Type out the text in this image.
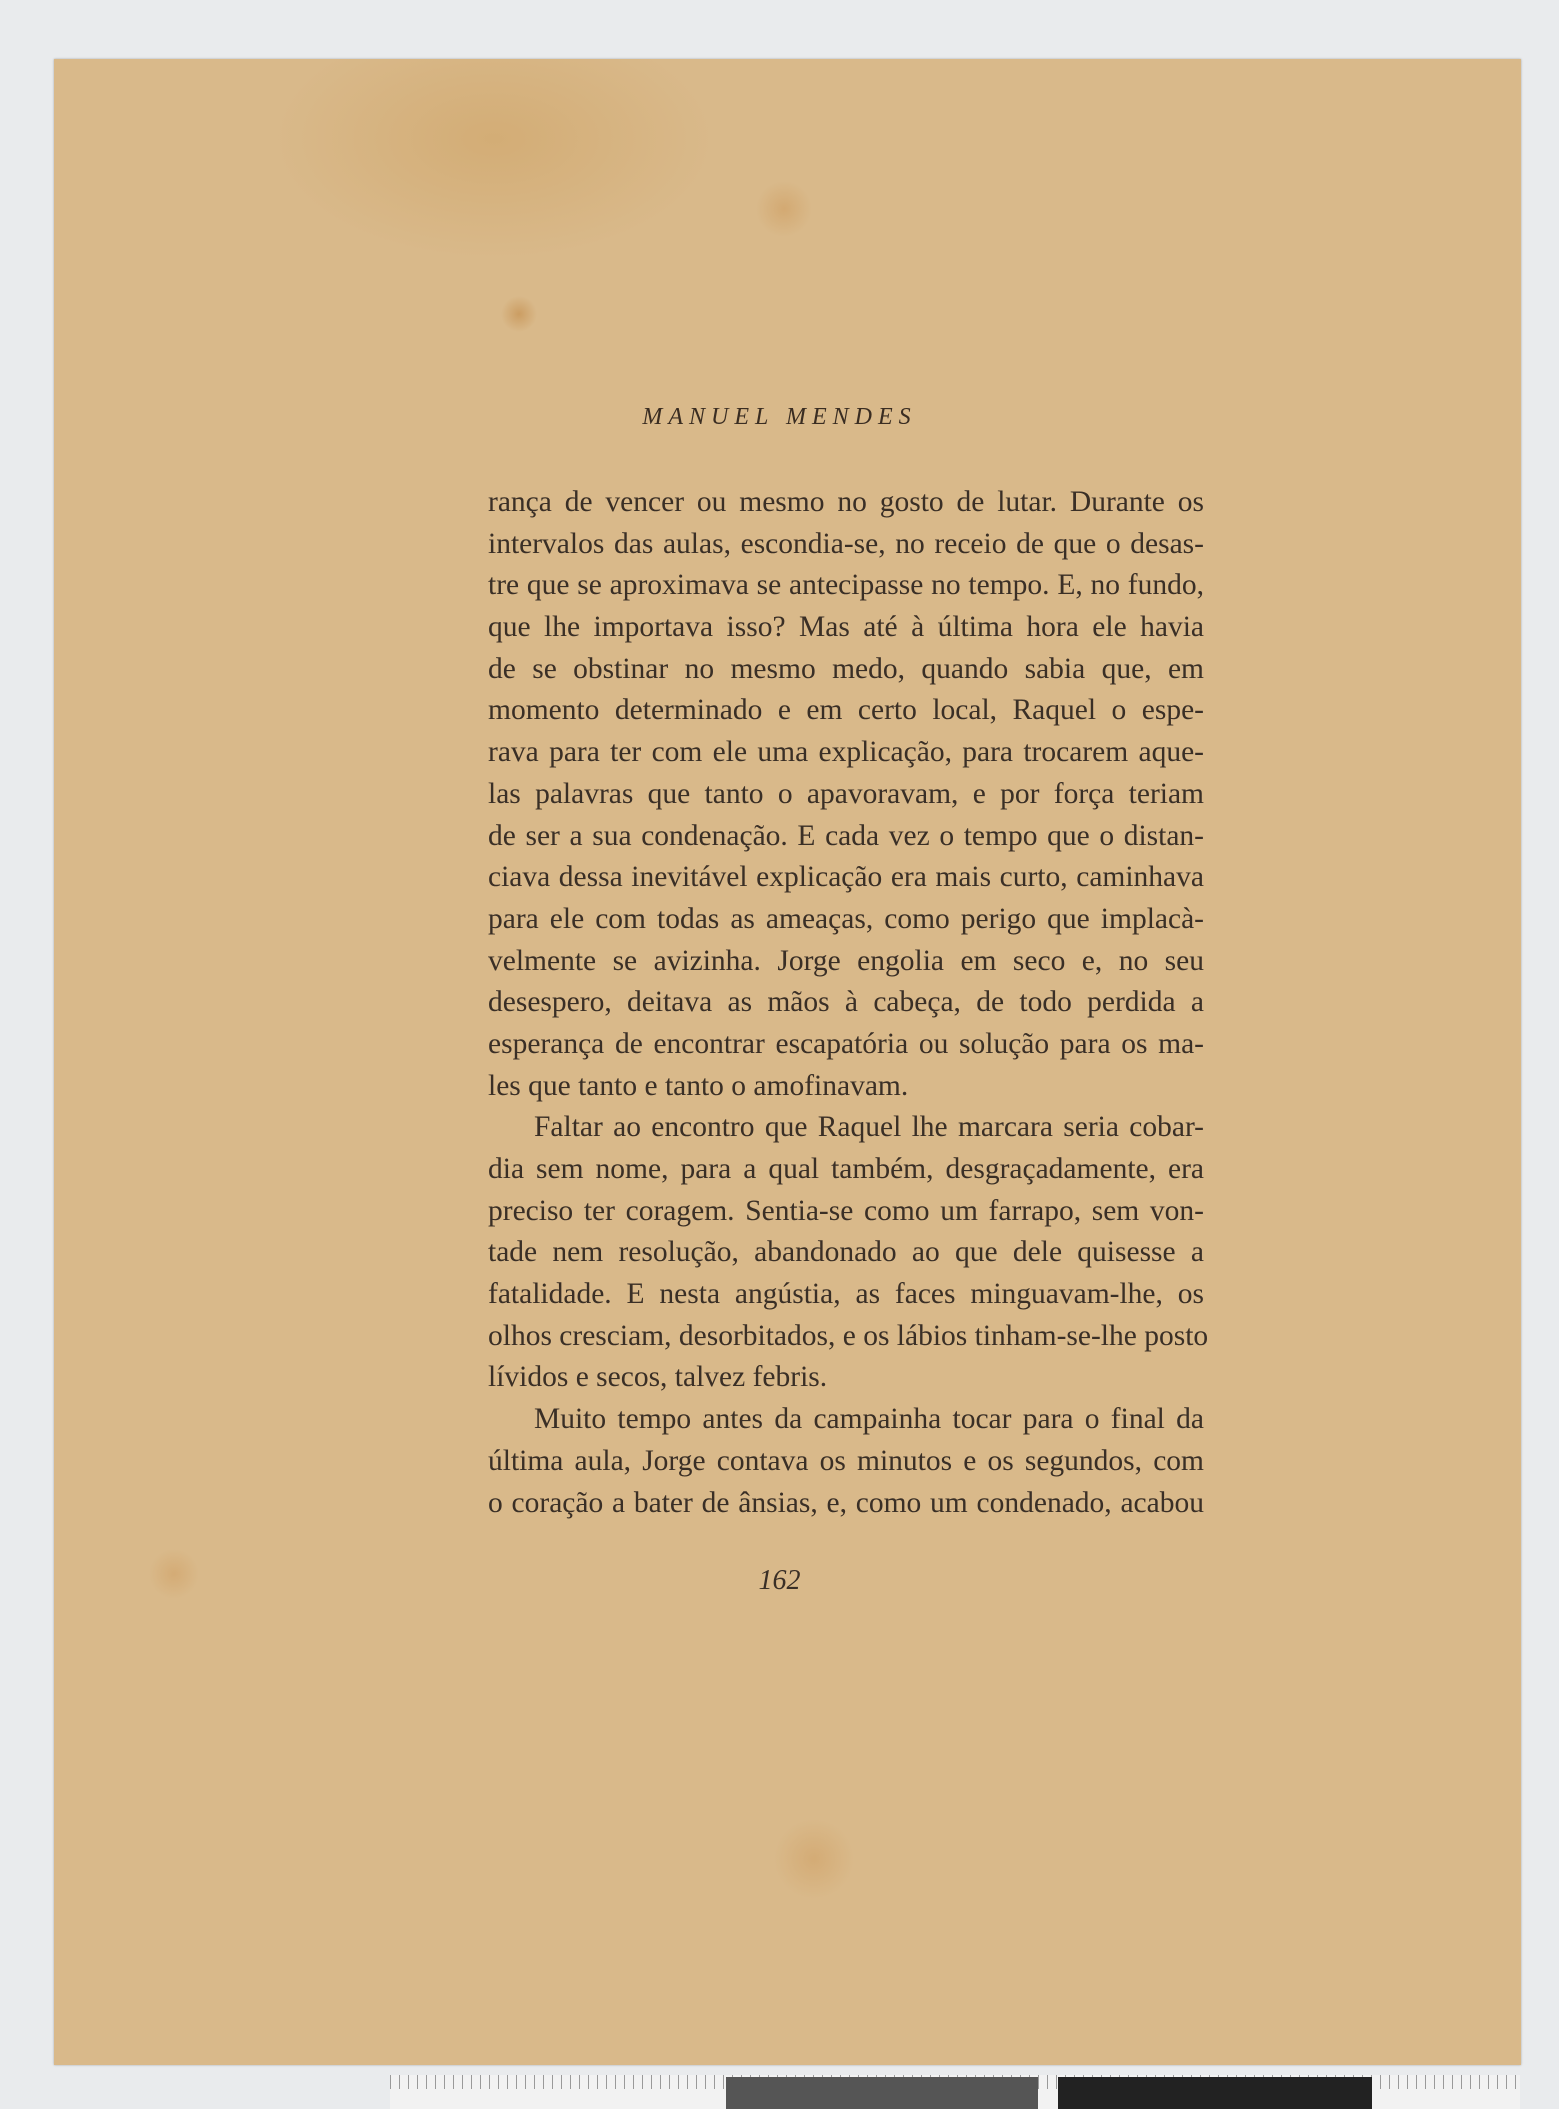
MANUEL MENDES
rança de vencer ou mesmo no gosto de lutar. Durante os
intervalos das aulas, escondia-se, no receio de que o desas-
tre que se aproximava se antecipasse no tempo. E, no fundo,
que lhe importava isso? Mas até à última hora ele havia
de se obstinar no mesmo medo, quando sabia que, em
momento determinado e em certo local, Raquel o espe-
rava para ter com ele uma explicação, para trocarem aque-
las palavras que tanto o apavoravam, e por força teriam
de ser a sua condenação. E cada vez o tempo que o distan-
ciava dessa inevitável explicação era mais curto, caminhava
para ele com todas as ameaças, como perigo que implacà-
velmente se avizinha. Jorge engolia em seco e, no seu
desespero, deitava as mãos à cabeça, de todo perdida a
esperança de encontrar escapatória ou solução para os ma-
les que tanto e tanto o amofinavam.
Faltar ao encontro que Raquel lhe marcara seria cobar-
dia sem nome, para a qual também, desgraçadamente, era
preciso ter coragem. Sentia-se como um farrapo, sem von-
tade nem resolução, abandonado ao que dele quisesse a
fatalidade. E nesta angústia, as faces minguavam-lhe, os
olhos cresciam, desorbitados, e os lábios tinham-se-lhe posto
lívidos e secos, talvez febris.
Muito tempo antes da campainha tocar para o final da
última aula, Jorge contava os minutos e os segundos, com
o coração a bater de ânsias, e, como um condenado, acabou
162
